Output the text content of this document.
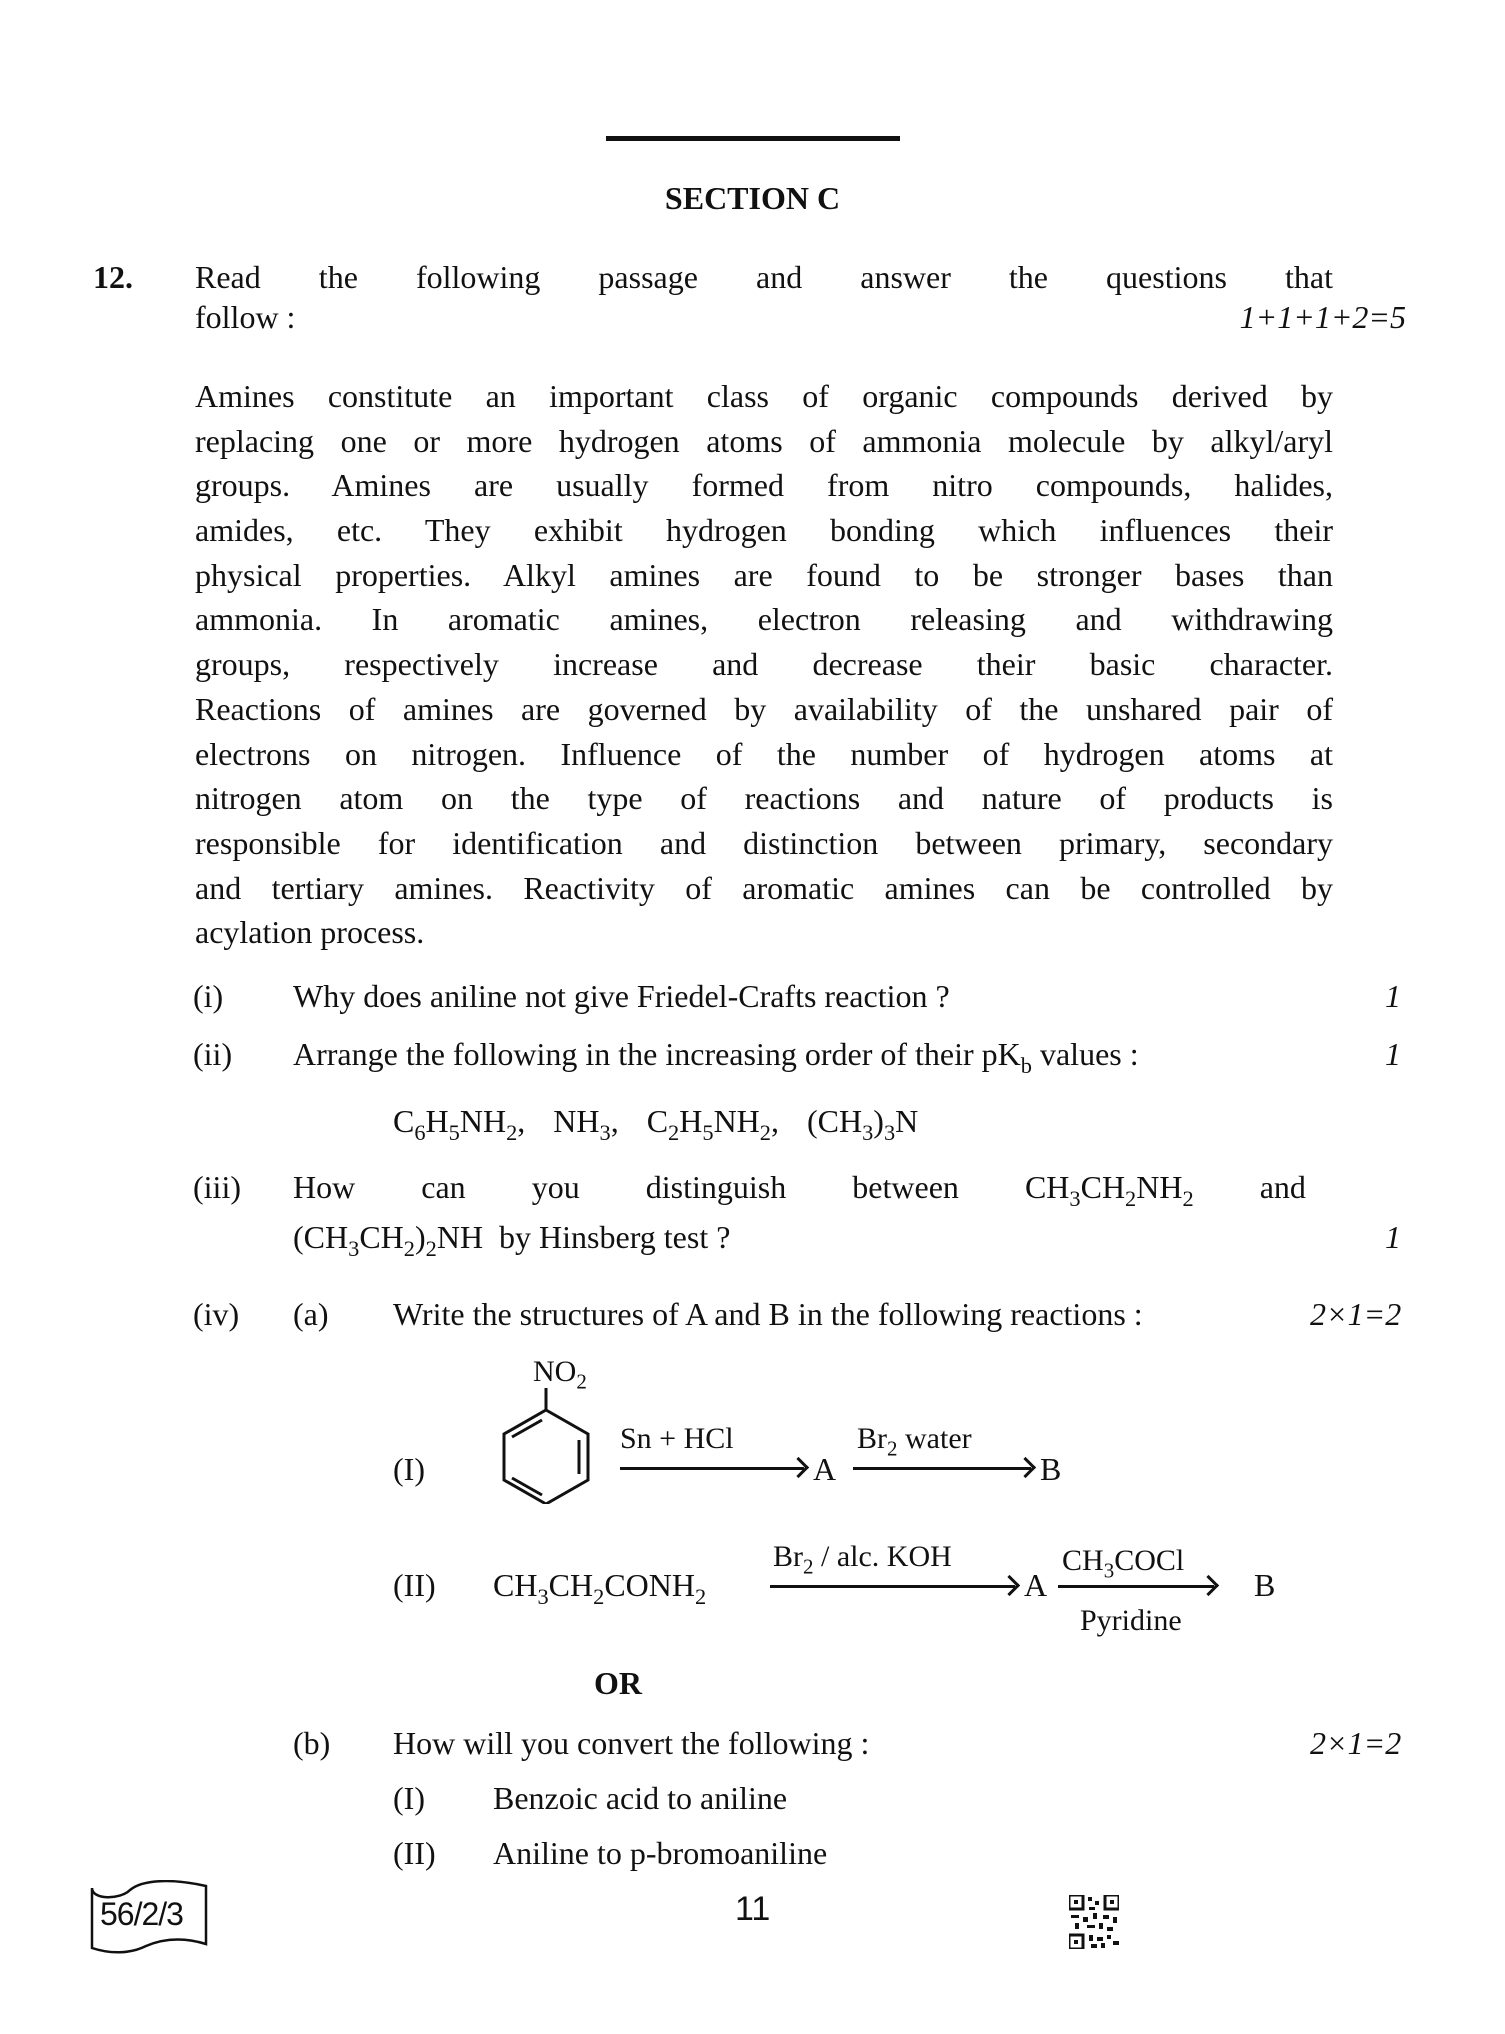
SECTION C
12. Read the following passage and answer the questions that
follow :	1+1+1+2=5
Amines constitute an important class of organic compounds derived by
replacing one or more hydrogen atoms of ammonia molecule by alkyl/aryl
groups. Amines are usually formed from nitro compounds, halides,
amides, etc. They exhibit hydrogen bonding which influences their
physical properties. Alkyl amines are found to be stronger bases than
ammonia. In aromatic amines, electron releasing and withdrawing
groups, respectively increase and decrease their basic character.
Reactions of amines are governed by availability of the unshared pair of
electrons on nitrogen. Influence of the number of hydrogen atoms at
nitrogen atom on the type of reactions and nature of products is
responsible for identification and distinction between primary, secondary
and tertiary amines. Reactivity of aromatic amines can be controlled by
acylation process.
(i) Why does aniline not give Friedel-Crafts reaction ?	1
(ii) Arrange the following in the increasing order of their $pK_b$ values :	1
$C_6H_5NH_2$,  $NH_3$,  $C_2H_5NH_2$,  $(CH_3)_3N$
(iii) How can you distinguish between $CH_3CH_2NH_2$ and
$(CH_3CH_2)_2NH$  by Hinsberg test ?	1
(iv) (a) Write the structures of A and B in the following reactions :	2×1=2
(I)
$NO_2$
Sn + HCl
A
$Br_2$ water
B
(II) $CH_3CH_2CONH_2$
$Br_2$ / alc. KOH
A
$CH_3COCl$
Pyridine
B
OR
(b) How will you convert the following :	2×1=2
(I) Benzoic acid to aniline
(II) Aniline to p-bromoaniline
56/2/3	11
